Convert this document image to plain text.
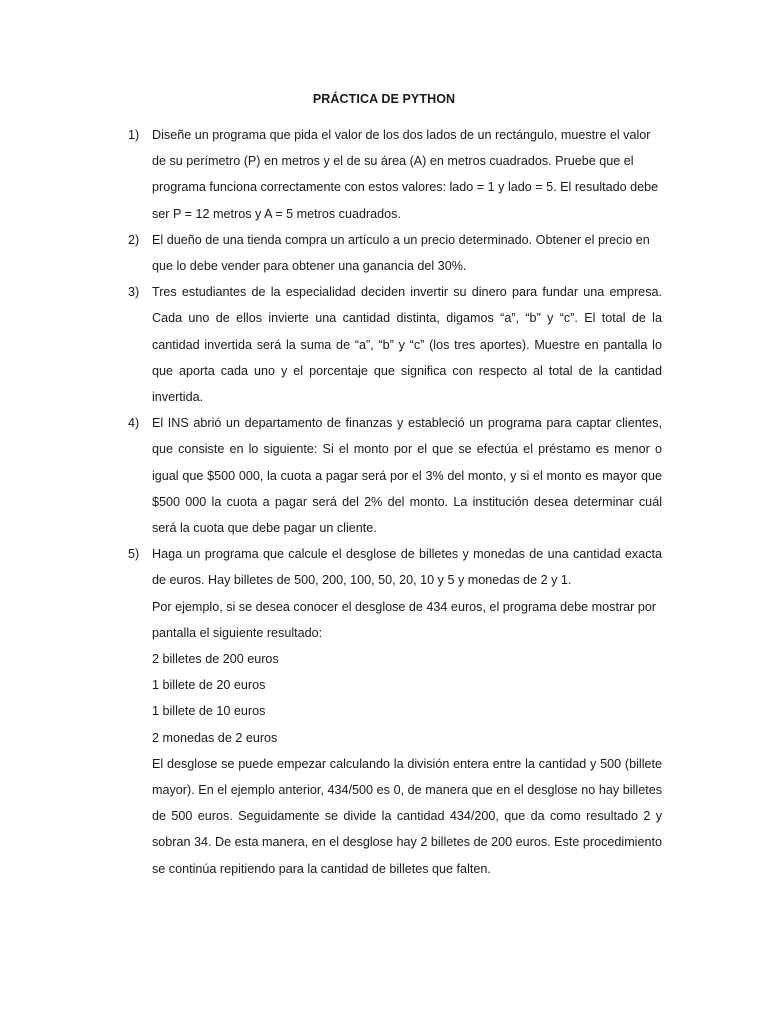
PRÁCTICA DE PYTHON
1) Diseñe un programa que pida el valor de los dos lados de un rectángulo, muestre el valor de su perímetro (P) en metros y el de su área (A) en metros cuadrados. Pruebe que el programa funciona correctamente con estos valores: lado = 1 y lado = 5. El resultado debe ser P = 12 metros y A = 5 metros cuadrados.
2) El dueño de una tienda compra un artículo a un precio determinado. Obtener el precio en que lo debe vender para obtener una ganancia del 30%.
3) Tres estudiantes de la especialidad deciden invertir su dinero para fundar una empresa. Cada uno de ellos invierte una cantidad distinta, digamos “a”, “b” y “c”. El total de la cantidad invertida será la suma de “a”, “b” y “c” (los tres aportes). Muestre en pantalla lo que aporta cada uno y el porcentaje que significa con respecto al total de la cantidad invertida.
4) El INS abrió un departamento de finanzas y estableció un programa para captar clientes, que consiste en lo siguiente: Si el monto por el que se efectúa el préstamo es menor o igual que $500 000, la cuota a pagar será por el 3% del monto, y si el monto es mayor que $500 000 la cuota a pagar será del 2% del monto. La institución desea determinar cuál será la cuota que debe pagar un cliente.
5) Haga un programa que calcule el desglose de billetes y monedas de una cantidad exacta de euros. Hay billetes de 500, 200, 100, 50, 20, 10 y 5 y monedas de 2 y 1.
Por ejemplo, si se desea conocer el desglose de 434 euros, el programa debe mostrar por pantalla el siguiente resultado:
2 billetes de 200 euros
1 billete de 20 euros
1 billete de 10 euros
2 monedas de 2 euros
El desglose se puede empezar calculando la división entera entre la cantidad y 500 (billete mayor). En el ejemplo anterior, 434/500 es 0, de manera que en el desglose no hay billetes de 500 euros. Seguidamente se divide la cantidad 434/200, que da como resultado 2 y sobran 34. De esta manera, en el desglose hay 2 billetes de 200 euros. Este procedimiento se continúa repitiendo para la cantidad de billetes que falten.
